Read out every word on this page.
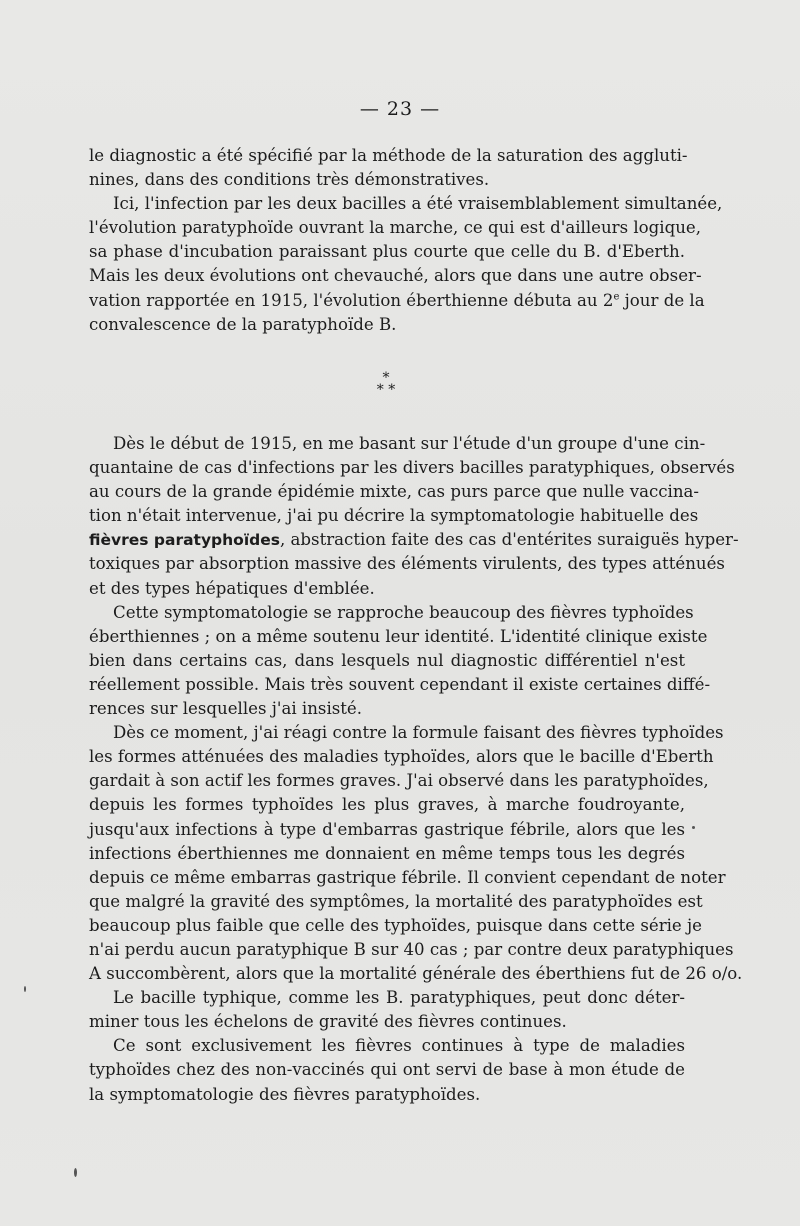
— 23 —
le diagnostic a été spécifié par la méthode de la saturation des aggluti-
nines, dans des conditions très démonstratives.
Ici, l'infection par les deux bacilles a été vraisemblablement simultanée,
l'évolution paratyphoïde ouvrant la marche, ce qui est d'ailleurs logique,
sa phase d'incubation paraissant plus courte que celle du B. d'Eberth.
Mais les deux évolutions ont chevauché, alors que dans une autre obser-
vation rapportée en 1915, l'évolution éberthienne débuta au 2e jour de la
convalescence de la paratyphoïde B.
*
* *
Dès le début de 1915, en me basant sur l'étude d'un groupe d'une cin-
quantaine de cas d'infections par les divers bacilles paratyphiques, observés
au cours de la grande épidémie mixte, cas purs parce que nulle vaccina-
tion n'était intervenue, j'ai pu décrire la symptomatologie habituelle des
fièvres paratyphoïdes, abstraction faite des cas d'entérites suraiguës hyper-
toxiques par absorption massive des éléments virulents, des types atténués
et des types hépatiques d'emblée.
Cette symptomatologie se rapproche beaucoup des fièvres typhoïdes
éberthiennes ; on a même soutenu leur identité. L'identité clinique existe
bien dans certains cas, dans lesquels nul diagnostic différentiel n'est
réellement possible. Mais très souvent cependant il existe certaines diffé-
rences sur lesquelles j'ai insisté.
Dès ce moment, j'ai réagi contre la formule faisant des fièvres typhoïdes
les formes atténuées des maladies typhoïdes, alors que le bacille d'Eberth
gardait à son actif les formes graves. J'ai observé dans les paratyphoïdes,
depuis les formes typhoïdes les plus graves, à marche foudroyante,
jusqu'aux infections à type d'embarras gastrique fébrile, alors que les
infections éberthiennes me donnaient en même temps tous les degrés
depuis ce même embarras gastrique fébrile. Il convient cependant de noter
que malgré la gravité des symptômes, la mortalité des paratyphoïdes est
beaucoup plus faible que celle des typhoïdes, puisque dans cette série je
n'ai perdu aucun paratyphique B sur 40 cas ; par contre deux paratyphiques
A succombèrent, alors que la mortalité générale des éberthiens fut de 26 o/o.
Le bacille typhique, comme les B. paratyphiques, peut donc déter-
miner tous les échelons de gravité des fièvres continues.
Ce sont exclusivement les fièvres continues à type de maladies
typhoïdes chez des non-vaccinés qui ont servi de base à mon étude de
la symptomatologie des fièvres paratyphoïdes.
